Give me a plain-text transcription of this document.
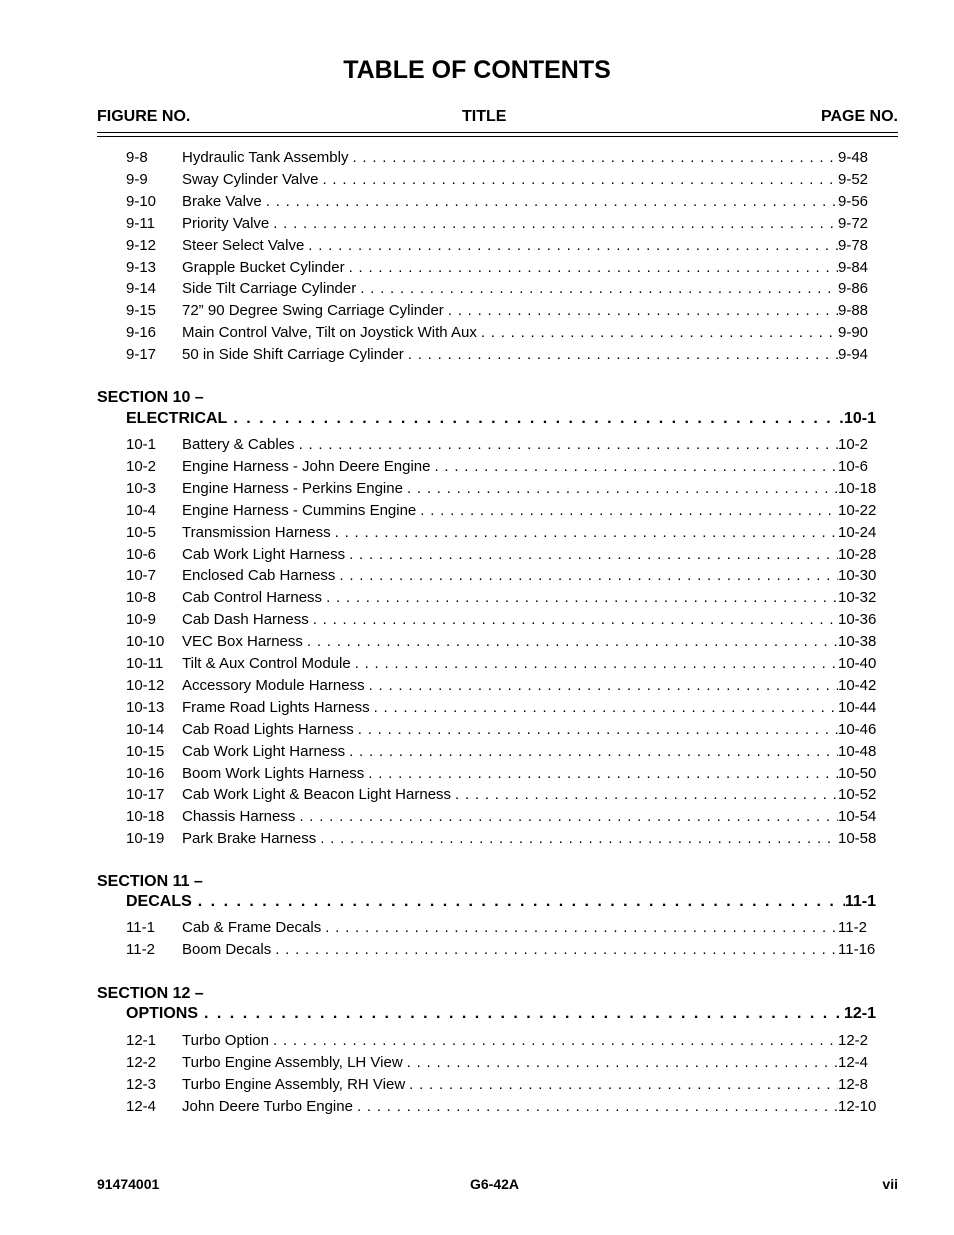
TABLE OF CONTENTS
FIGURE NO.	TITLE	PAGE NO.
9-8	Hydraulic Tank Assembly . . .	9-48
9-9	Sway Cylinder Valve . . .	9-52
9-10	Brake Valve . . .	9-56
9-11	Priority Valve . . .	9-72
9-12	Steer Select Valve . . .	9-78
9-13	Grapple Bucket Cylinder . . .	9-84
9-14	Side Tilt Carriage Cylinder . . .	9-86
9-15	72” 90 Degree Swing Carriage Cylinder . . .	9-88
9-16	Main Control Valve, Tilt on Joystick With Aux . . .	9-90
9-17	50 in Side Shift Carriage Cylinder . . .	9-94
SECTION 10 –
ELECTRICAL . . .	10-1
10-1	Battery & Cables . . .	10-2
10-2	Engine Harness - John Deere Engine . . .	10-6
10-3	Engine Harness - Perkins Engine . . .	10-18
10-4	Engine Harness - Cummins Engine . . .	10-22
10-5	Transmission Harness . . .	10-24
10-6	Cab Work Light Harness . . .	10-28
10-7	Enclosed Cab Harness . . .	10-30
10-8	Cab Control Harness . . .	10-32
10-9	Cab Dash Harness . . .	10-36
10-10	VEC Box Harness . . .	10-38
10-11	Tilt & Aux Control Module . . .	10-40
10-12	Accessory Module Harness . . .	10-42
10-13	Frame Road Lights Harness . . .	10-44
10-14	Cab Road Lights Harness . . .	10-46
10-15	Cab Work Light Harness . . .	10-48
10-16	Boom Work Lights Harness . . .	10-50
10-17	Cab Work Light & Beacon Light Harness . . .	10-52
10-18	Chassis Harness . . .	10-54
10-19	Park Brake Harness . . .	10-58
SECTION 11 –
DECALS . . .	11-1
11-1	Cab & Frame Decals . . .	11-2
11-2	Boom Decals . . .	11-16
SECTION 12 –
OPTIONS . . .	12-1
12-1	Turbo Option . . .	12-2
12-2	Turbo Engine Assembly, LH View . . .	12-4
12-3	Turbo Engine Assembly, RH View . . .	12-8
12-4	John Deere Turbo Engine . . .	12-10
91474001	G6-42A	vii
